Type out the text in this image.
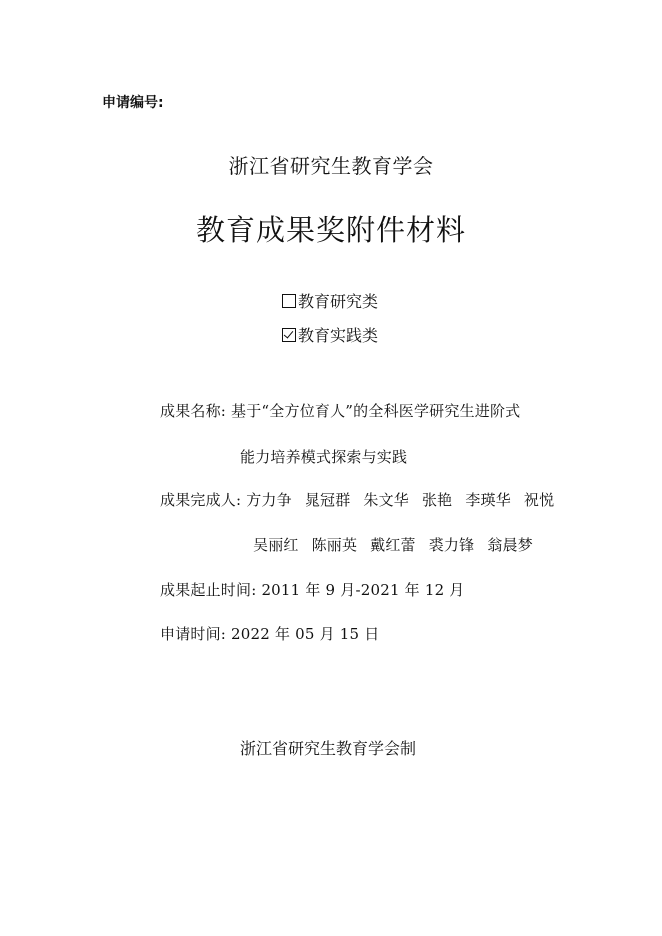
申请编号:
浙江省研究生教育学会
教育成果奖附件材料
教育研究类
教育实践类
成果名称: 基于“全方位育人”的全科医学研究生进阶式
能力培养模式探索与实践
成果完成人: 方力争 晁冠群 朱文华 张艳 李瑛华 祝悦
吴丽红 陈丽英 戴红蕾 裘力锋 翁晨梦
成果起止时间: 2011 年 9 月-2021 年 12 月
申请时间: 2022 年 05 月 15 日
浙江省研究生教育学会制
